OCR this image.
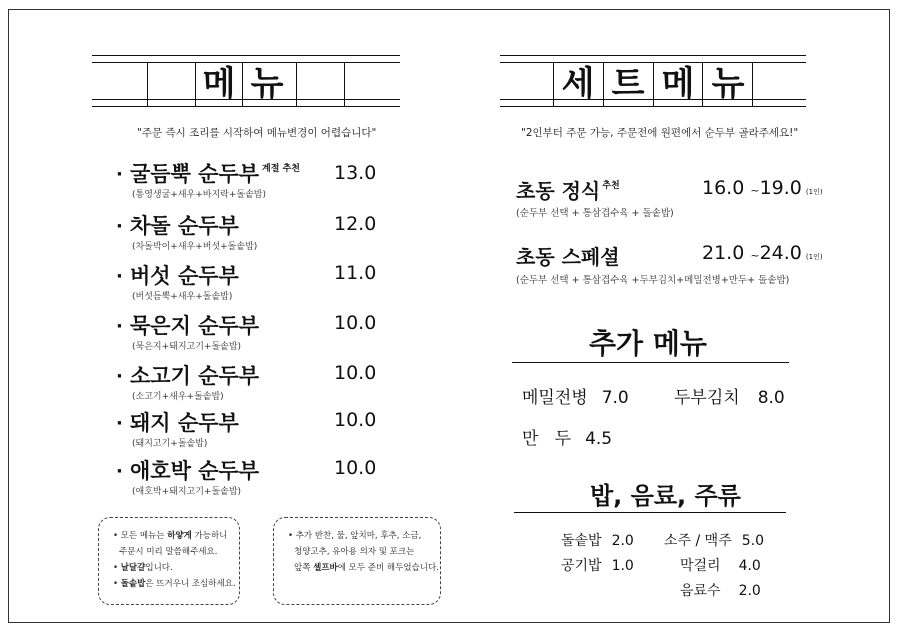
메 뉴
"주문 즉시 조리를 시작하여 메뉴변경이 어렵습니다"
· 굴듬뿍 순두부 $^{계절 추천}$
(통영생굴+새우+바지락+돌솥밥)
13.0
· 차돌 순두부
(차돌박이+새우+버섯+돌솥밥)
12.0
· 버섯 순두부
(버섯듬뿍+새우+돌솥밥)
11.0
· 묵은지 순두부
(묵은지+돼지고기+돌솥밥)
10.0
· 소고기 순두부
(소고기+새우+돌솥밥)
10.0
· 돼지 순두부
(돼지고기+돌솥밥)
10.0
· 애호박 순두부
(애호박+돼지고기+돌솥밥)
10.0
• 모든 메뉴는 하얗게 가능하니
주문시 미리 말씀해주세요.
• 날달걀입니다.
• 돌솥밥은 뜨거우니 조심하세요.
• 추가 반찬, 물, 앞치마, 후추, 소금,
청양고추, 유아용 의자 및 포크는
앞쪽 셀프바에 모두 준비 해두었습니다.
세 트 메 뉴
"2인부터 주문 가능, 주문전에 원편에서 순두부 골라주세요!"
초동 정식 $^{추천}$
(순두부 선택 + 통삼겹수육 + 돌솥밥)
16.0 ~19.0 (1인)
초동 스페셜
(순두부 선택 + 통삼겹수육 +두부김치+메밀전병+만두+ 돌솥밥)
21.0 ~24.0 (1인)
추가 메뉴
메밀전병 7.0	두부김치 8.0
만   두 4.5
밥, 음료, 주류
돌솥밥 2.0
공기밥 1.0
소주 / 맥주 5.0
막걸리 4.0
음료수 2.0
